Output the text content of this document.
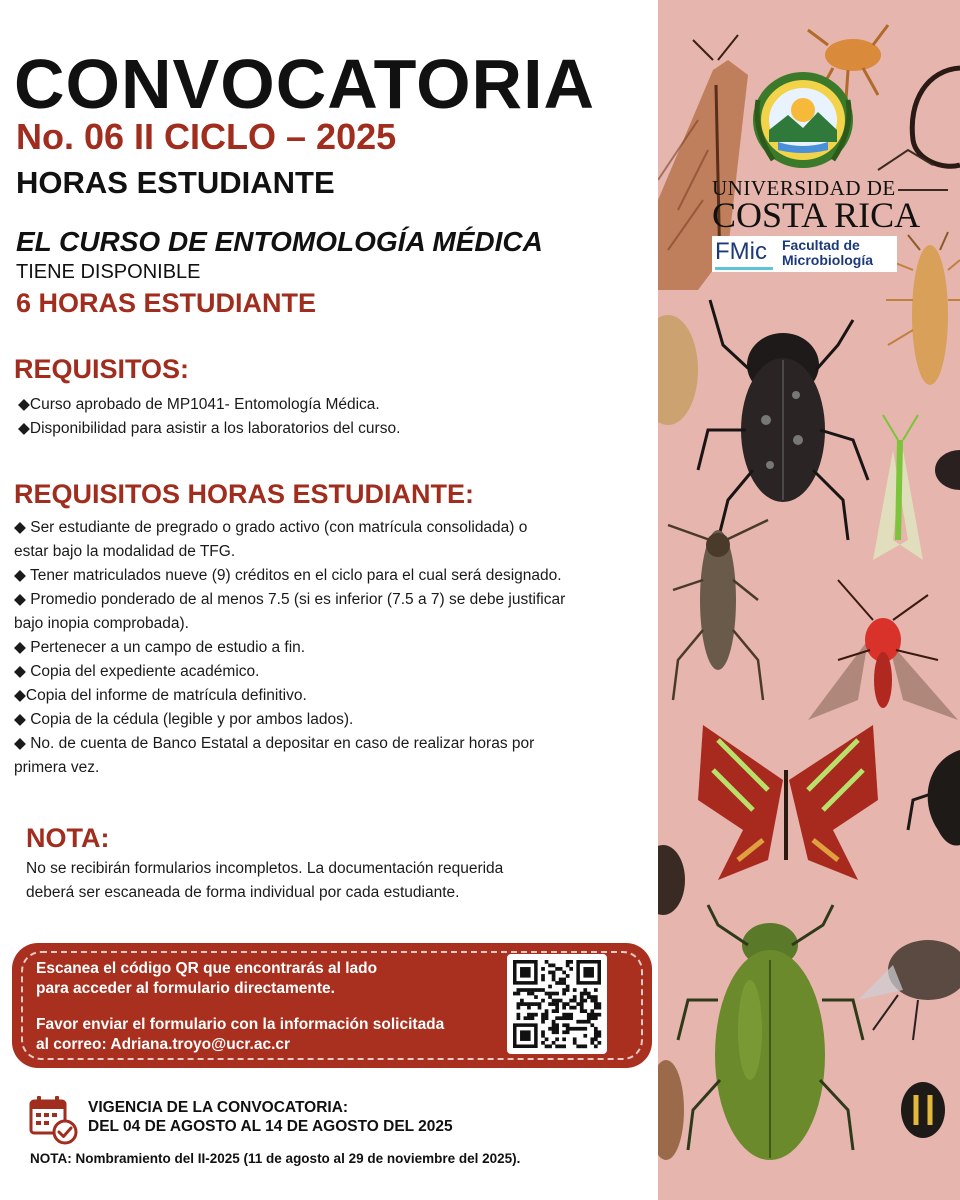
CONVOCATORIA
No. 06 II CICLO – 2025
HORAS ESTUDIANTE
EL CURSO DE ENTOMOLOGÍA MÉDICA
TIENE DISPONIBLE
6 HORAS ESTUDIANTE
REQUISITOS:
◆Curso aprobado de MP1041- Entomología Médica.
◆Disponibilidad para asistir a los laboratorios del curso.
REQUISITOS HORAS ESTUDIANTE:
◆ Ser estudiante de pregrado o grado activo (con matrícula consolidada) o
estar bajo la modalidad de TFG.
◆ Tener matriculados nueve (9) créditos en el ciclo para el cual será designado.
◆ Promedio ponderado de al menos 7.5 (si es inferior (7.5 a 7) se debe justificar
bajo inopia comprobada).
◆ Pertenecer a un campo de estudio a fin.
◆ Copia del expediente académico.
◆Copia del informe de matrícula definitivo.
◆ Copia de la cédula (legible y por ambos lados).
◆ No. de cuenta de Banco Estatal a depositar en caso de realizar horas por
primera vez.
NOTA:
No se recibirán formularios incompletos. La documentación requerida
deberá ser escaneada de forma individual por cada estudiante.
Escanea el código QR que encontrarás al lado
para acceder al formulario directamente.
Favor enviar el formulario con la información solicitada
al correo: Adriana.troyo@ucr.ac.cr
VIGENCIA DE LA CONVOCATORIA:
DEL 04 DE AGOSTO AL 14 DE AGOSTO DEL 2025
NOTA: Nombramiento del II-2025 (11 de agosto al 29 de noviembre del 2025).
UNIVERSIDAD DE
COSTA RICA
FMic Facultad de
Microbiología
